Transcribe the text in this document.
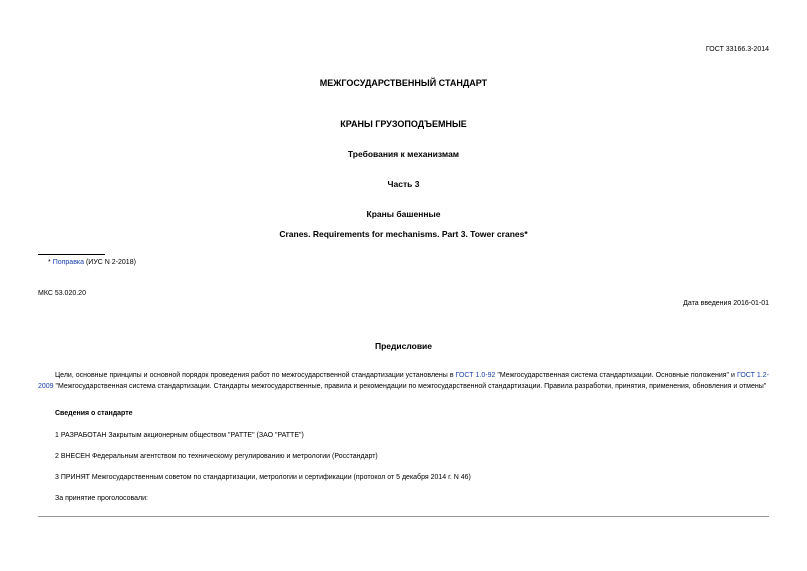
ГОСТ 33166.3-2014
МЕЖГОСУДАРСТВЕННЫЙ СТАНДАРТ
КРАНЫ ГРУЗОПОДЪЕМНЫЕ
Требования к механизмам
Часть 3
Краны башенные
Cranes. Requirements for mechanisms. Part 3. Tower cranes*
* Поправка (ИУС N 2-2018)
МКС 53.020.20
Дата введения 2016-01-01
Предисловие
Цели, основные принципы и основной порядок проведения работ по межгосударственной стандартизации установлены в ГОСТ 1.0-92 "Межгосударственная система стандартизации. Основные положения" и ГОСТ 1.2-2009 "Межгосударственная система стандартизации. Стандарты межгосударственные, правила и рекомендации по межгосударственной стандартизации. Правила разработки, принятия, применения, обновления и отмены"
Сведения о стандарте
1 РАЗРАБОТАН Закрытым акционерным обществом "РАТТЕ" (ЗАО "РАТТЕ")
2 ВНЕСЕН Федеральным агентством по техническому регулированию и метрологии (Росстандарт)
3 ПРИНЯТ Межгосударственным советом по стандартизации, метрологии и сертификации (протокол от 5 декабря 2014 г. N 46)
За принятие проголосовали:
